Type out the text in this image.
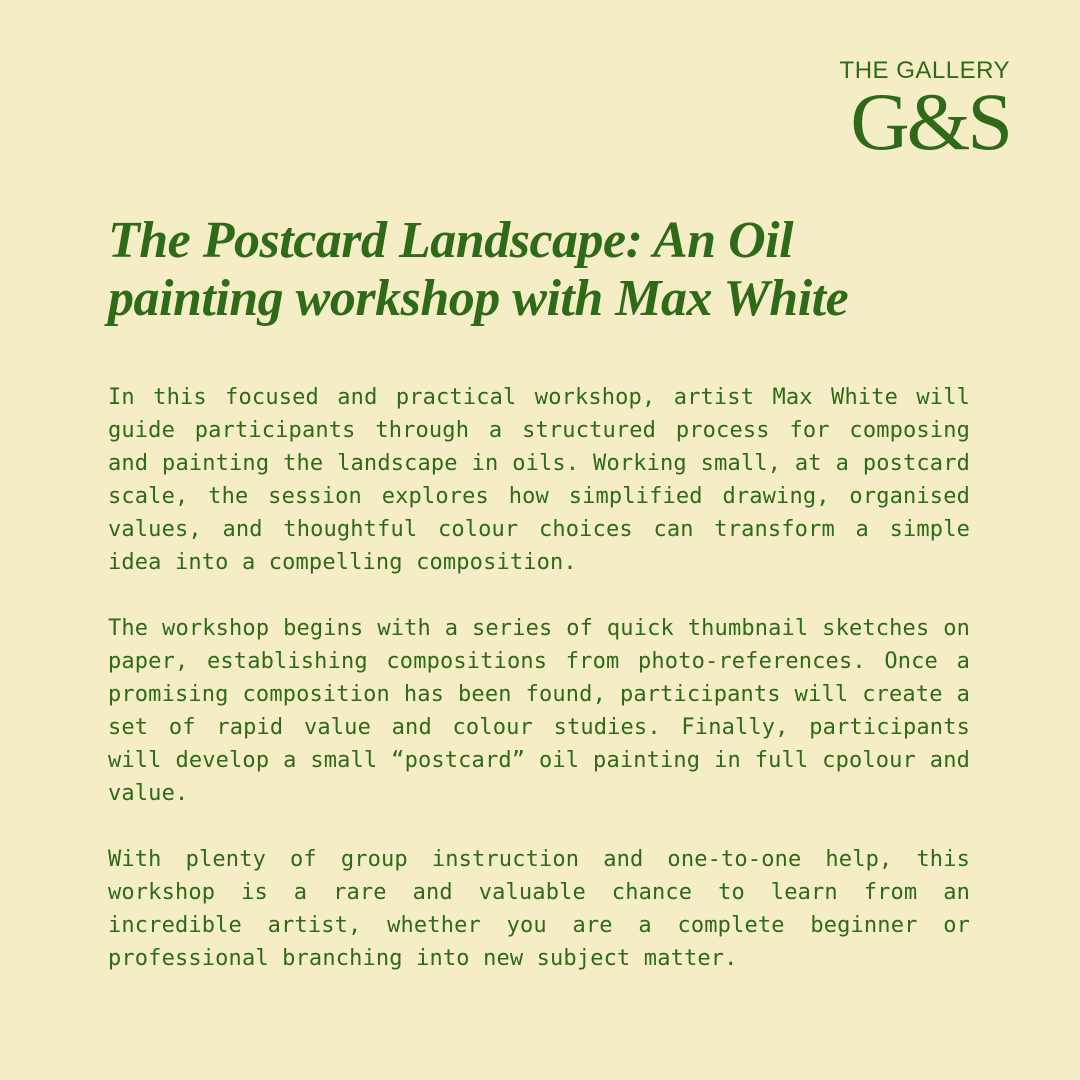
THE GALLERY
G&S
The Postcard Landscape: An Oil painting workshop with Max White

In this focused and practical workshop, artist Max White will guide participants through a structured process for composing and painting the landscape in oils. Working small, at a postcard scale, the session explores how simplified drawing, organised values, and thoughtful colour choices can transform a simple idea into a compelling composition.

The workshop begins with a series of quick thumbnail sketches on paper, establishing compositions from photo-references. Once a promising composition has been found, participants will create a set of rapid value and colour studies. Finally, participants will develop a small “postcard” oil painting in full cpolour and value.

With plenty of group instruction and one-to-one help, this workshop is a rare and valuable chance to learn from an incredible artist, whether you are a complete beginner or professional branching into new subject matter.
